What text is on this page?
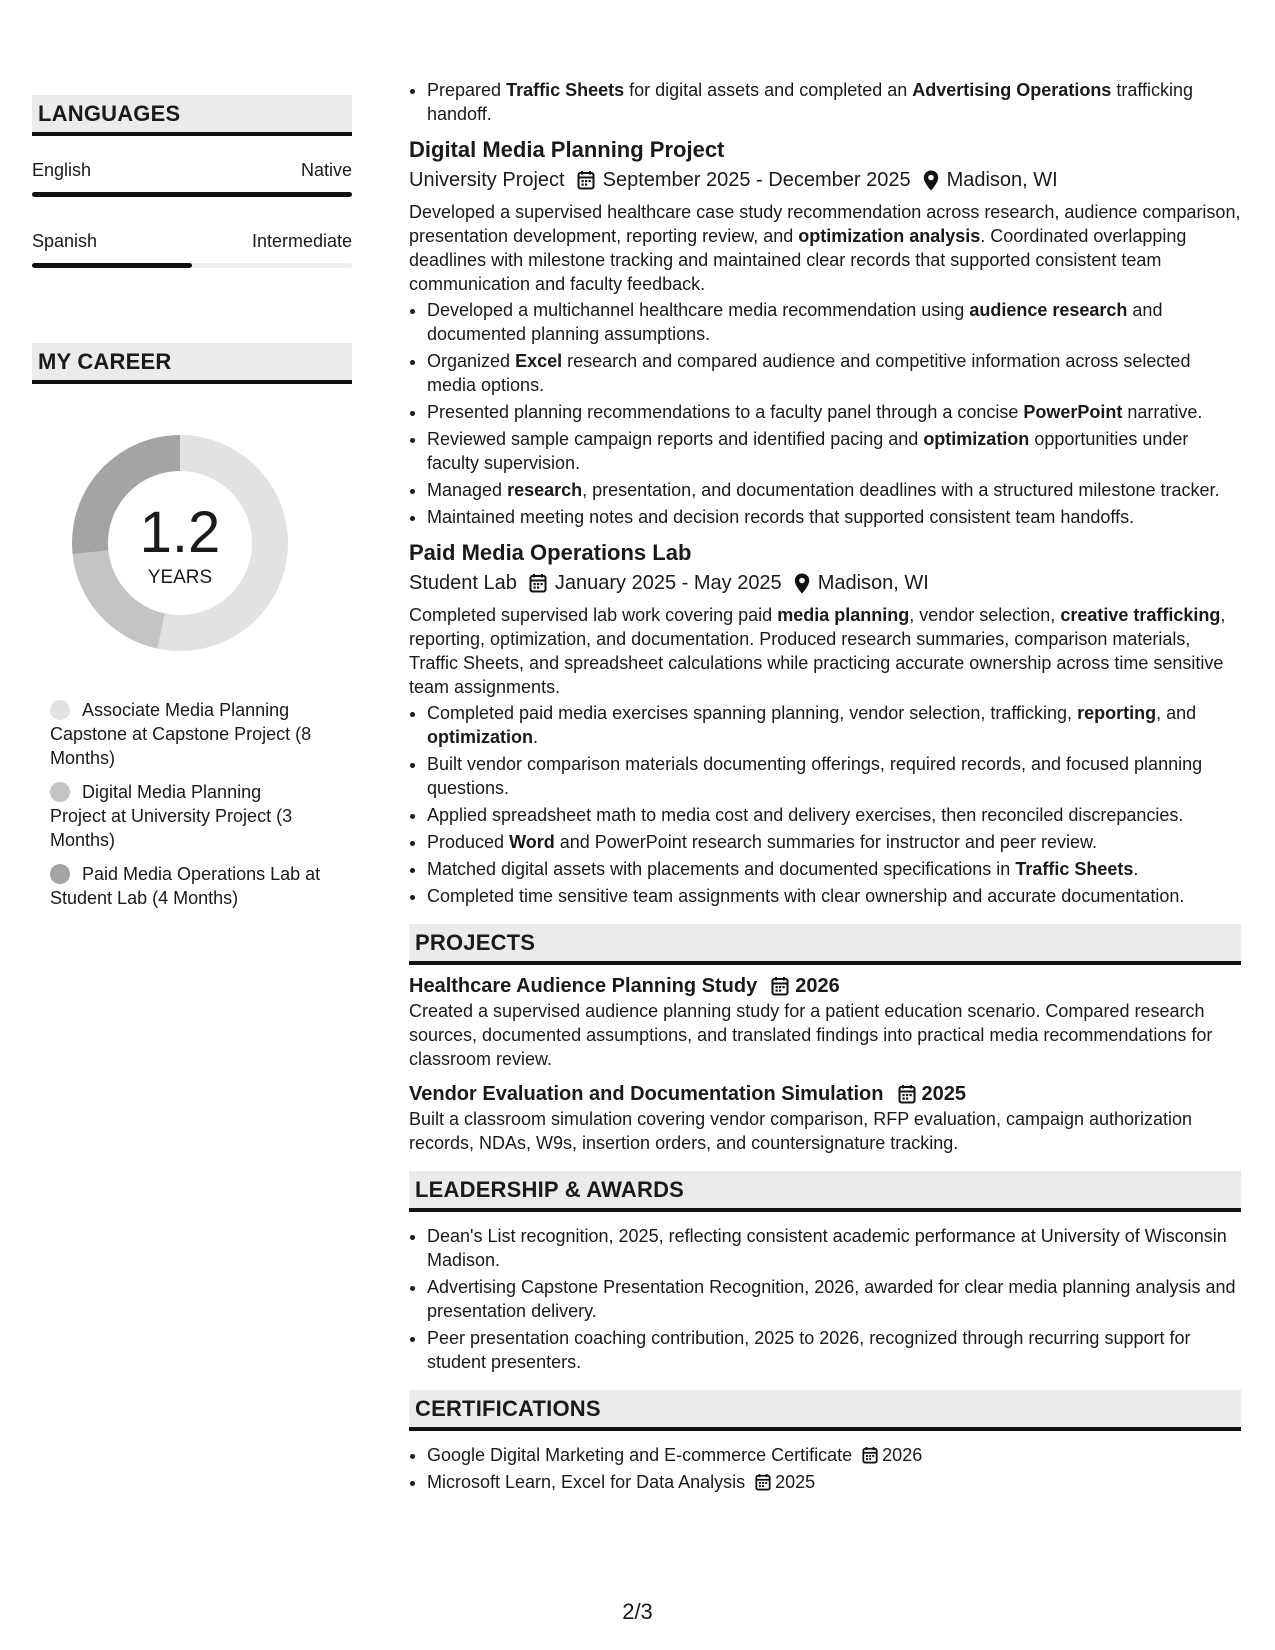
LANGUAGES
English	Native
Spanish	Intermediate
MY CAREER
1.2
YEARS
Associate Media Planning Capstone at Capstone Project (8 Months)
Digital Media Planning Project at University Project (3 Months)
Paid Media Operations Lab at Student Lab (4 Months)
• Prepared Traffic Sheets for digital assets and completed an Advertising Operations trafficking handoff.
Digital Media Planning Project
University Project September 2025 - December 2025 Madison, WI
Developed a supervised healthcare case study recommendation across research, audience comparison, presentation development, reporting review, and optimization analysis. Coordinated overlapping deadlines with milestone tracking and maintained clear records that supported consistent team communication and faculty feedback.
• Developed a multichannel healthcare media recommendation using audience research and documented planning assumptions.
• Organized Excel research and compared audience and competitive information across selected media options.
• Presented planning recommendations to a faculty panel through a concise PowerPoint narrative.
• Reviewed sample campaign reports and identified pacing and optimization opportunities under faculty supervision.
• Managed research, presentation, and documentation deadlines with a structured milestone tracker.
• Maintained meeting notes and decision records that supported consistent team handoffs.
Paid Media Operations Lab
Student Lab January 2025 - May 2025 Madison, WI
Completed supervised lab work covering paid media planning, vendor selection, creative trafficking, reporting, optimization, and documentation. Produced research summaries, comparison materials, Traffic Sheets, and spreadsheet calculations while practicing accurate ownership across time sensitive team assignments.
• Completed paid media exercises spanning planning, vendor selection, trafficking, reporting, and optimization.
• Built vendor comparison materials documenting offerings, required records, and focused planning questions.
• Applied spreadsheet math to media cost and delivery exercises, then reconciled discrepancies.
• Produced Word and PowerPoint research summaries for instructor and peer review.
• Matched digital assets with placements and documented specifications in Traffic Sheets.
• Completed time sensitive team assignments with clear ownership and accurate documentation.
PROJECTS
Healthcare Audience Planning Study 2026
Created a supervised audience planning study for a patient education scenario. Compared research sources, documented assumptions, and translated findings into practical media recommendations for classroom review.
Vendor Evaluation and Documentation Simulation 2025
Built a classroom simulation covering vendor comparison, RFP evaluation, campaign authorization records, NDAs, W9s, insertion orders, and countersignature tracking.
LEADERSHIP & AWARDS
• Dean's List recognition, 2025, reflecting consistent academic performance at University of Wisconsin Madison.
• Advertising Capstone Presentation Recognition, 2026, awarded for clear media planning analysis and presentation delivery.
• Peer presentation coaching contribution, 2025 to 2026, recognized through recurring support for student presenters.
CERTIFICATIONS
• Google Digital Marketing and E-commerce Certificate 2026
• Microsoft Learn, Excel for Data Analysis 2025
2/3
